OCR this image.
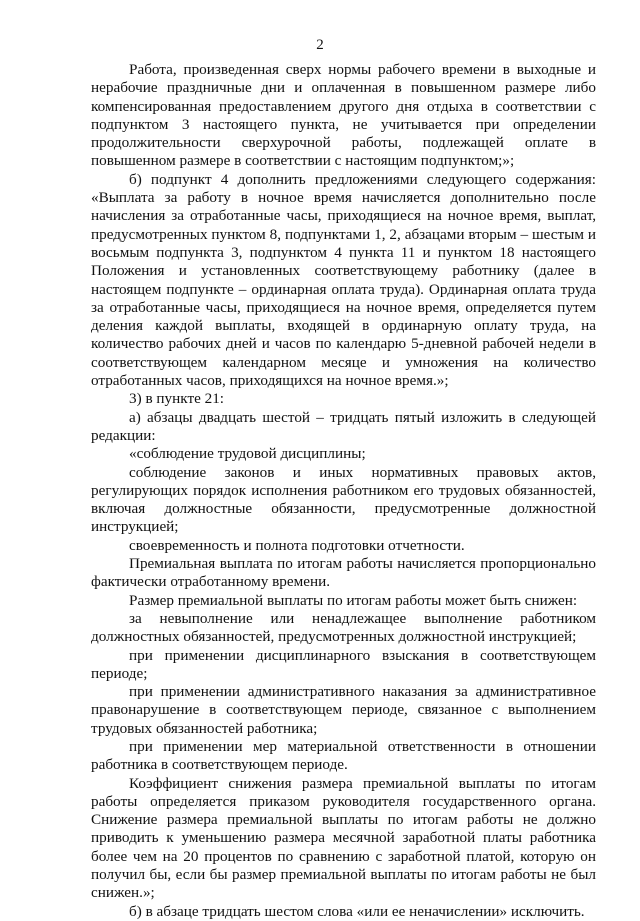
2

Работа, произведенная сверх нормы рабочего времени в выходные и нерабочие праздничные дни и оплаченная в повышенном размере либо компенсированная предоставлением другого дня отдыха в соответствии с подпунктом 3 настоящего пункта, не учитывается при определении продолжительности сверхурочной работы, подлежащей оплате в повышенном размере в соответствии с настоящим подпунктом;»;

б) подпункт 4 дополнить предложениями следующего содержания: «Выплата за работу в ночное время начисляется дополнительно после начисления за отработанные часы, приходящиеся на ночное время, выплат, предусмотренных пунктом 8, подпунктами 1, 2, абзацами вторым – шестым и восьмым подпункта 3, подпунктом 4 пункта 11 и пунктом 18 настоящего Положения и установленных соответствующему работнику (далее в настоящем подпункте – ординарная оплата труда). Ординарная оплата труда за отработанные часы, приходящиеся на ночное время, определяется путем деления каждой выплаты, входящей в ординарную оплату труда, на количество рабочих дней и часов по календарю 5-дневной рабочей недели в соответствующем календарном месяце и умножения на количество отработанных часов, приходящихся на ночное время.»;

3) в пункте 21:

а) абзацы двадцать шестой – тридцать пятый изложить в следующей редакции:

«соблюдение трудовой дисциплины;

соблюдение законов и иных нормативных правовых актов, регулирующих порядок исполнения работником его трудовых обязанностей, включая должностные обязанности, предусмотренные должностной инструкцией;

своевременность и полнота подготовки отчетности.

Премиальная выплата по итогам работы начисляется пропорционально фактически отработанному времени.

Размер премиальной выплаты по итогам работы может быть снижен:

за невыполнение или ненадлежащее выполнение работником должностных обязанностей, предусмотренных должностной инструкцией;

при применении дисциплинарного взыскания в соответствующем периоде;

при применении административного наказания за административное правонарушение в соответствующем периоде, связанное с выполнением трудовых обязанностей работника;

при применении мер материальной ответственности в отношении работника в соответствующем периоде.

Коэффициент снижения размера премиальной выплаты по итогам работы определяется приказом руководителя государственного органа. Снижение размера премиальной выплаты по итогам работы не должно приводить к уменьшению размера месячной заработной платы работника более чем на 20 процентов по сравнению с заработной платой, которую он получил бы, если бы размер премиальной выплаты по итогам работы не был снижен.»;

б) в абзаце тридцать шестом слова «или ее неначислении» исключить.
